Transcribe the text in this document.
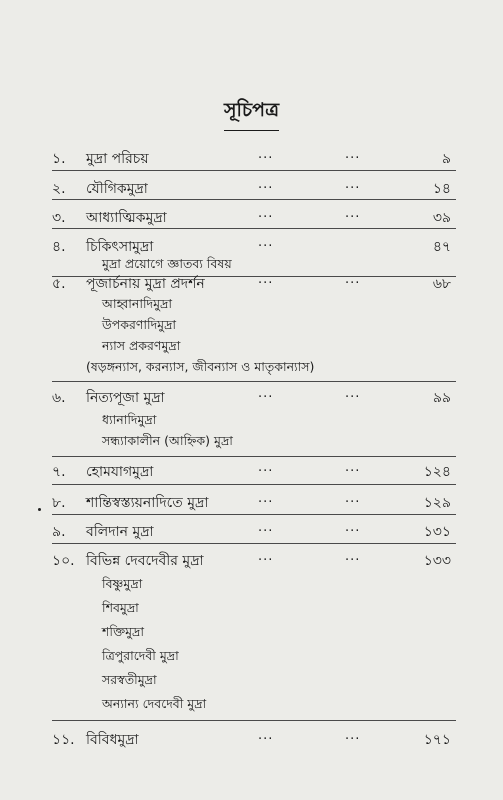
সূচিপত্র
১. মুদ্রা পরিচয়	...	...	৯
২. যৌগিকমুদ্রা	...	...	১৪
৩. আধ্যাত্মিকমুদ্রা	...	...	৩৯
৪. চিকিৎসামুদ্রা	...	৪৭
মুদ্রা প্রয়োগে জ্ঞাতব্য বিষয়
৫. পূজার্চনায় মুদ্রা প্রদর্শন	...	...	৬৮
আহ্বানাদিমুদ্রা
উপকরণাদিমুদ্রা
ন্যাস প্রকরণমুদ্রা
(ষড়ঙ্গন্যাস, করন্যাস, জীবন্যাস ও মাতৃকান্যাস)
৬. নিত্যপূজা মুদ্রা	...	...	৯৯
ধ্যানাদিমুদ্রা
সন্ধ্যাকালীন (আহ্নিক) মুদ্রা
৭. হোমযাগমুদ্রা	...	...	১২৪
৮. শান্তিস্বস্ত্যয়নাদিতে মুদ্রা	...	...	১২৯
৯. বলিদান মুদ্রা	...	...	১৩১
১০. বিভিন্ন দেবদেবীর মুদ্রা	...	...	১৩৩
বিষ্ণুমুদ্রা
শিবমুদ্রা
শক্তিমুদ্রা
ত্রিপুরাদেবী মুদ্রা
সরস্বতীমুদ্রা
অন্যান্য দেবদেবী মুদ্রা
১১. বিবিধমুদ্রা	...	...	১৭১
